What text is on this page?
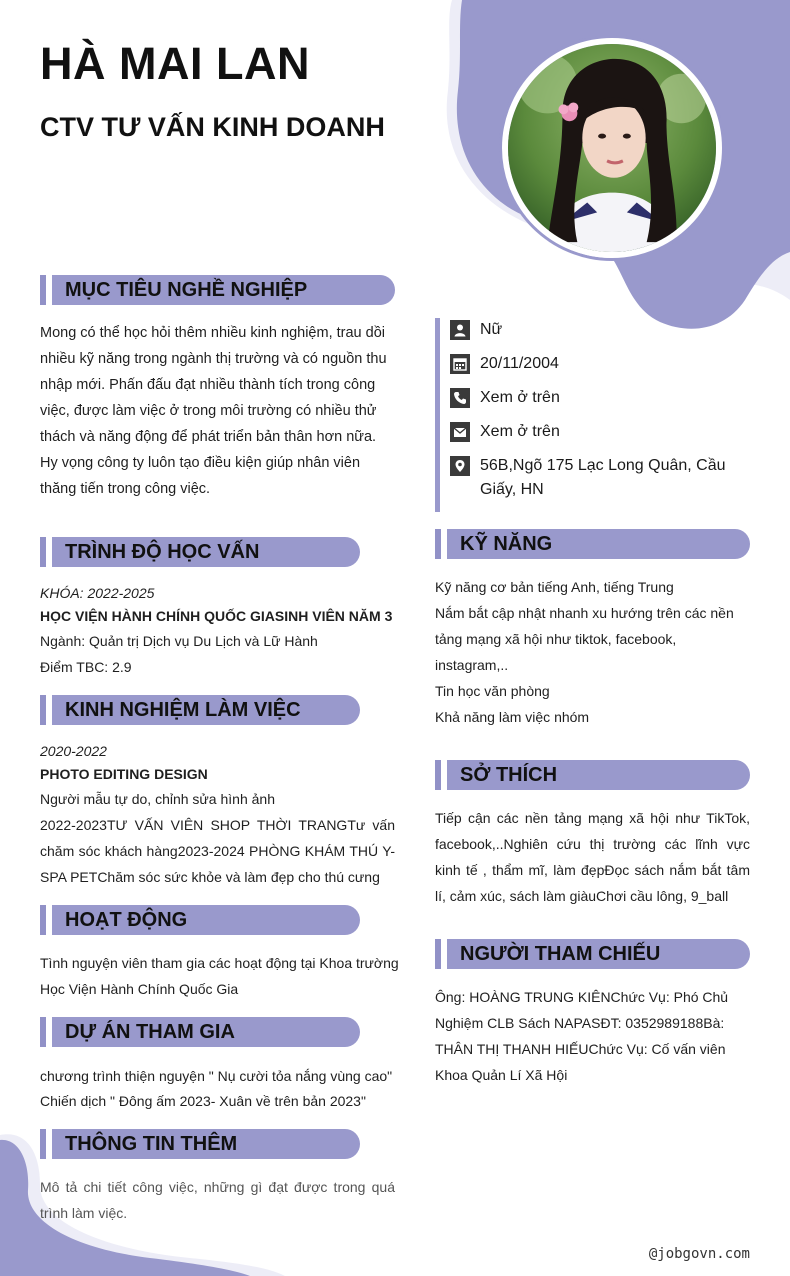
HÀ MAI LAN
CTV TƯ VẤN KINH DOANH
MỤC TIÊU NGHỀ NGHIỆP
Mong có thể học hỏi thêm nhiều kinh nghiệm, trau dồi nhiều kỹ năng trong ngành thị trường và có nguồn thu nhập mới. Phấn đấu đạt nhiều thành tích trong công việc, được làm việc ở trong môi trường có nhiều thử thách và năng động để phát triển bản thân hơn nữa. Hy vọng công ty luôn tạo điều kiện giúp nhân viên thăng tiến trong công việc.
TRÌNH ĐỘ HỌC VẤN
KHÓA: 2022-2025
HỌC VIỆN HÀNH CHÍNH QUỐC GIASINH VIÊN NĂM 3
Ngành: Quản trị Dịch vụ Du Lịch và Lữ Hành
Điểm TBC: 2.9
KINH NGHIỆM LÀM VIỆC
2020-2022
PHOTO EDITING DESIGN
Người mẫu tự do, chỉnh sửa hình ảnh
2022-2023TƯ VẤN VIÊN SHOP THỜI TRANGTư vấn chăm sóc khách hàng2023-2024 PHÒNG KHÁM THÚ Y- SPA PETChăm sóc sức khỏe và làm đẹp cho thú cưng
HOẠT ĐỘNG
Tình nguyện viên tham gia các hoạt động tại Khoa trường Học Viện Hành Chính Quốc Gia
DỰ ÁN THAM GIA
chương trình thiện nguyện " Nụ cười tỏa nắng vùng cao"
Chiến dịch " Đông ấm 2023- Xuân về trên bản 2023"
THÔNG TIN THÊM
Mô tả chi tiết công việc, những gì đạt được trong quá trình làm việc.
Nữ
20/11/2004
Xem ở trên
Xem ở trên
56B,Ngõ 175 Lạc Long Quân, Cầu Giấy, HN
KỸ NĂNG
Kỹ năng cơ bản tiếng Anh, tiếng Trung
Nắm bắt cập nhật nhanh xu hướng trên các nền tảng mạng xã hội như tiktok, facebook, instagram,..
Tin học văn phòng
Khả năng làm việc nhóm
SỞ THÍCH
Tiếp cận các nền tảng mạng xã hội như TikTok, facebook,..Nghiên cứu thị trường các lĩnh vực kinh tế , thẩm mĩ, làm đẹpĐọc sách nắm bắt tâm lí, cảm xúc, sách làm giàuChơi cầu lông, 9_ball
NGƯỜI THAM CHIẾU
Ông: HOÀNG TRUNG KIÊNChức Vụ: Phó Chủ Nghiệm CLB Sách NAPASĐT: 0352989188Bà: THÂN THỊ THANH HIẾUChức Vụ: Cố vấn viên Khoa Quản Lí Xã Hội
@jobgovn.com
